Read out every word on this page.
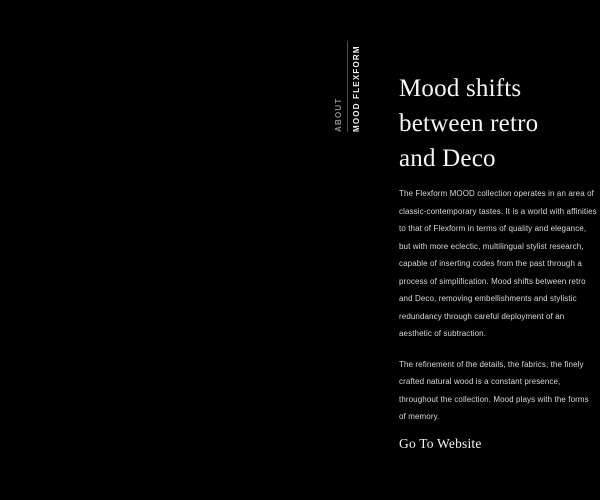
ABOUT MOOD FLEXFORM Mood shifts
between retro
and Deco

The Flexform MOOD collection operates in an area of
classic-contemporary tastes. It is a world with affinities
to that of Flexform in terms of quality and elegance,
but with more eclectic, multilingual stylist research,
capable of inserting codes from the past through a
process of simplification. Mood shifts between retro
and Deco, removing embellishments and stylistic
redundancy through careful deployment of an
aesthetic of subtraction.

The refinement of the details, the fabrics, the finely
crafted natural wood is a constant presence,
throughout the collection. Mood plays with the forms
of memory.

Go To Website
